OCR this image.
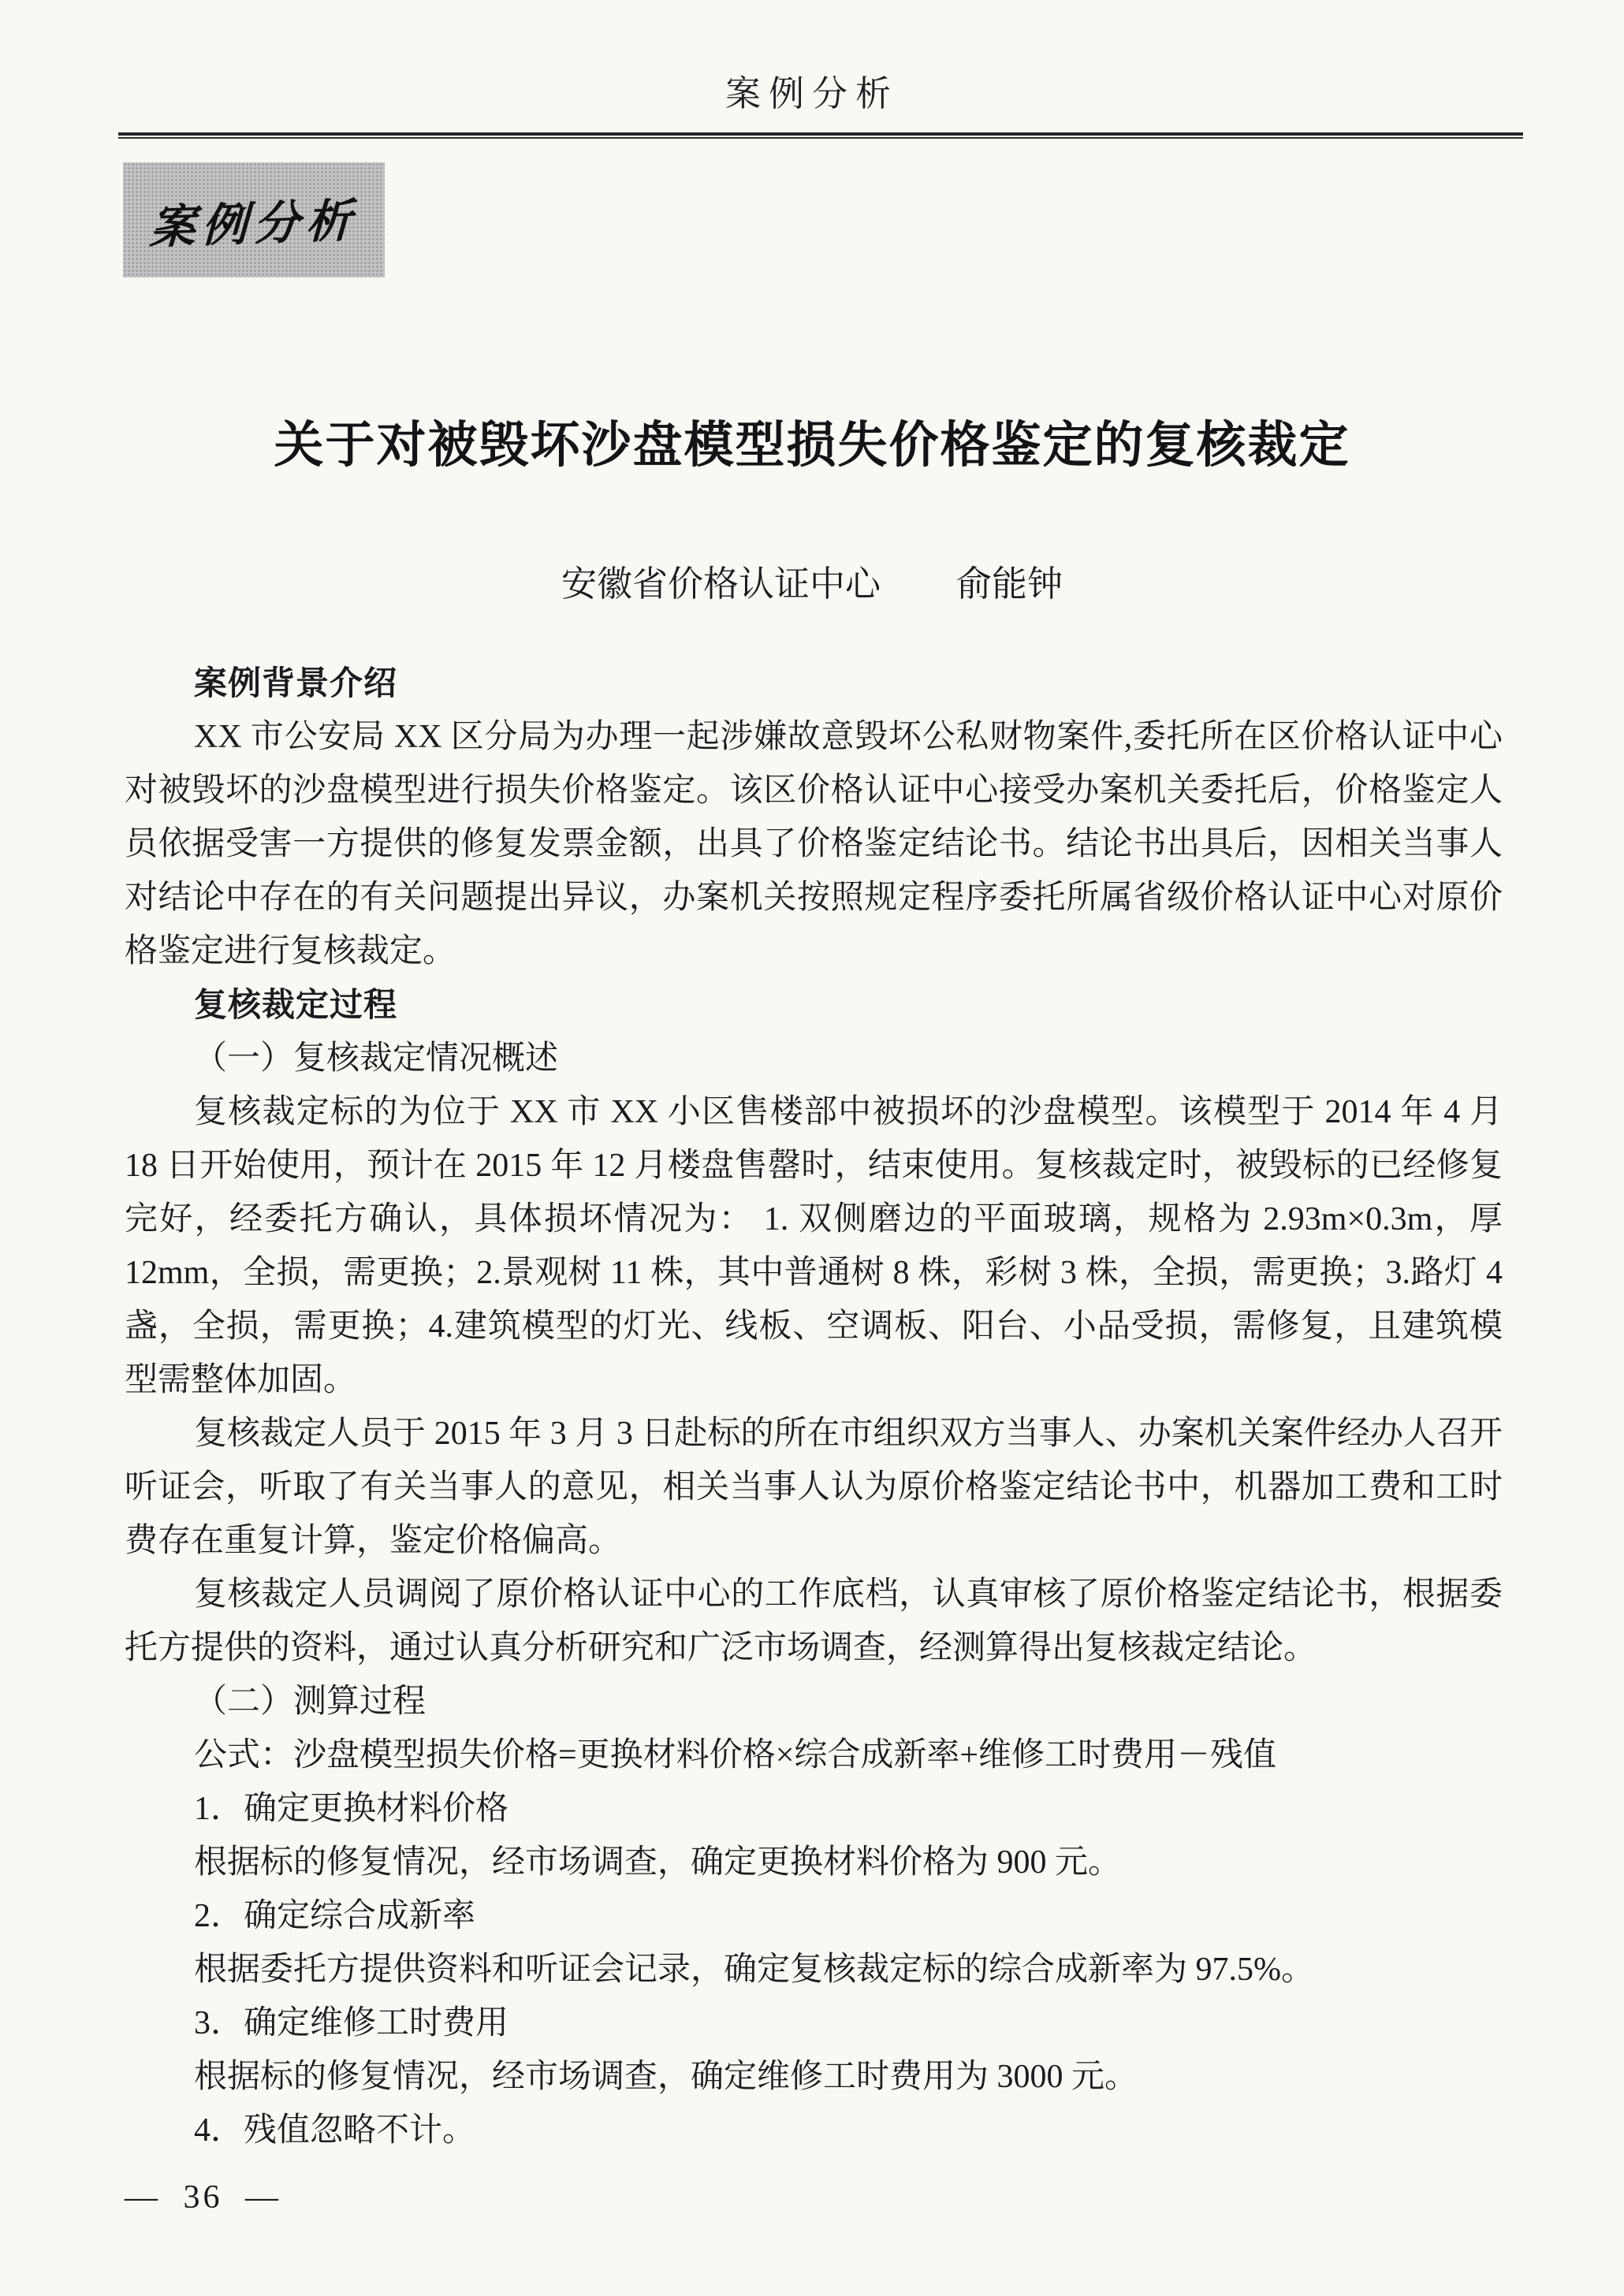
案例分析
案例分析
关于对被毁坏沙盘模型损失价格鉴定的复核裁定
安徽省价格认证中心 俞能钟
案例背景介绍
XX 市公安局 XX 区分局为办理一起涉嫌故意毁坏公私财物案件,委托所在区价格认证中心对被毁坏的沙盘模型进行损失价格鉴定。该区价格认证中心接受办案机关委托后，价格鉴定人员依据受害一方提供的修复发票金额，出具了价格鉴定结论书。结论书出具后，因相关当事人对结论中存在的有关问题提出异议，办案机关按照规定程序委托所属省级价格认证中心对原价格鉴定进行复核裁定。
复核裁定过程
（一）复核裁定情况概述
复核裁定标的为位于 XX 市 XX 小区售楼部中被损坏的沙盘模型。该模型于 2014 年 4 月 18 日开始使用，预计在 2015 年 12 月楼盘售罄时，结束使用。复核裁定时，被毁标的已经修复完好，经委托方确认，具体损坏情况为： 1. 双侧磨边的平面玻璃，规格为 2.93m×0.3m，厚 12mm，全损，需更换；2.景观树 11 株，其中普通树 8 株，彩树 3 株，全损，需更换；3.路灯 4 盏，全损，需更换；4.建筑模型的灯光、线板、空调板、阳台、小品受损，需修复，且建筑模型需整体加固。
复核裁定人员于 2015 年 3 月 3 日赴标的所在市组织双方当事人、办案机关案件经办人召开听证会，听取了有关当事人的意见，相关当事人认为原价格鉴定结论书中，机器加工费和工时费存在重复计算，鉴定价格偏高。
复核裁定人员调阅了原价格认证中心的工作底档，认真审核了原价格鉴定结论书，根据委托方提供的资料，通过认真分析研究和广泛市场调查，经测算得出复核裁定结论。
（二）测算过程
公式：沙盘模型损失价格=更换材料价格×综合成新率+维修工时费用－残值
1．确定更换材料价格
根据标的修复情况，经市场调查，确定更换材料价格为 900 元。
2．确定综合成新率
根据委托方提供资料和听证会记录，确定复核裁定标的综合成新率为 97.5%。
3．确定维修工时费用
根据标的修复情况，经市场调查，确定维修工时费用为 3000 元。
4．残值忽略不计。
— 36 —
